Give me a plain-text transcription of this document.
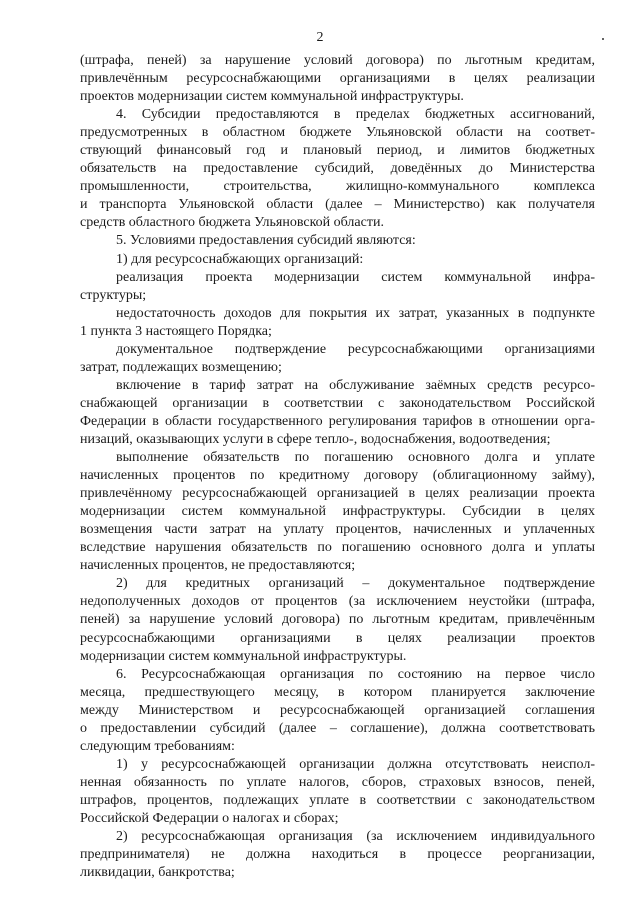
2
(штрафа, пеней) за нарушение условий договора) по льготным кредитам,
привлечённым ресурсоснабжающими организациями в целях реализации
проектов модернизации систем коммунальной инфраструктуры.
4. Субсидии предоставляются в пределах бюджетных ассигнований,
предусмотренных в областном бюджете Ульяновской области на соответ-
ствующий финансовый год и плановый период, и лимитов бюджетных
обязательств на предоставление субсидий, доведённых до Министерства
промышленности, строительства, жилищно-коммунального комплекса
и транспорта Ульяновской области (далее – Министерство) как получателя
средств областного бюджета Ульяновской области.
5. Условиями предоставления субсидий являются:
1) для ресурсоснабжающих организаций:
реализация проекта модернизации систем коммунальной инфра-
структуры;
недостаточность доходов для покрытия их затрат, указанных в подпункте
1 пункта 3 настоящего Порядка;
документальное подтверждение ресурсоснабжающими организациями
затрат, подлежащих возмещению;
включение в тариф затрат на обслуживание заёмных средств ресурсо-
снабжающей организации в соответствии с законодательством Российской
Федерации в области государственного регулирования тарифов в отношении орга-
низаций, оказывающих услуги в сфере тепло-, водоснабжения, водоотведения;
выполнение обязательств по погашению основного долга и уплате
начисленных процентов по кредитному договору (облигационному займу),
привлечённому ресурсоснабжающей организацией в целях реализации проекта
модернизации систем коммунальной инфраструктуры. Субсидии в целях
возмещения части затрат на уплату процентов, начисленных и уплаченных
вследствие нарушения обязательств по погашению основного долга и уплаты
начисленных процентов, не предоставляются;
2) для кредитных организаций – документальное подтверждение
недополученных доходов от процентов (за исключением неустойки (штрафа,
пеней) за нарушение условий договора) по льготным кредитам, привлечённым
ресурсоснабжающими организациями в целях реализации проектов
модернизации систем коммунальной инфраструктуры.
6. Ресурсоснабжающая организация по состоянию на первое число
месяца, предшествующего месяцу, в котором планируется заключение
между Министерством и ресурсоснабжающей организацией соглашения
о предоставлении субсидий (далее – соглашение), должна соответствовать
следующим требованиям:
1) у ресурсоснабжающей организации должна отсутствовать неиспол-
ненная обязанность по уплате налогов, сборов, страховых взносов, пеней,
штрафов, процентов, подлежащих уплате в соответствии с законодательством
Российской Федерации о налогах и сборах;
2) ресурсоснабжающая организация (за исключением индивидуального
предпринимателя) не должна находиться в процессе реорганизации,
ликвидации, банкротства;
